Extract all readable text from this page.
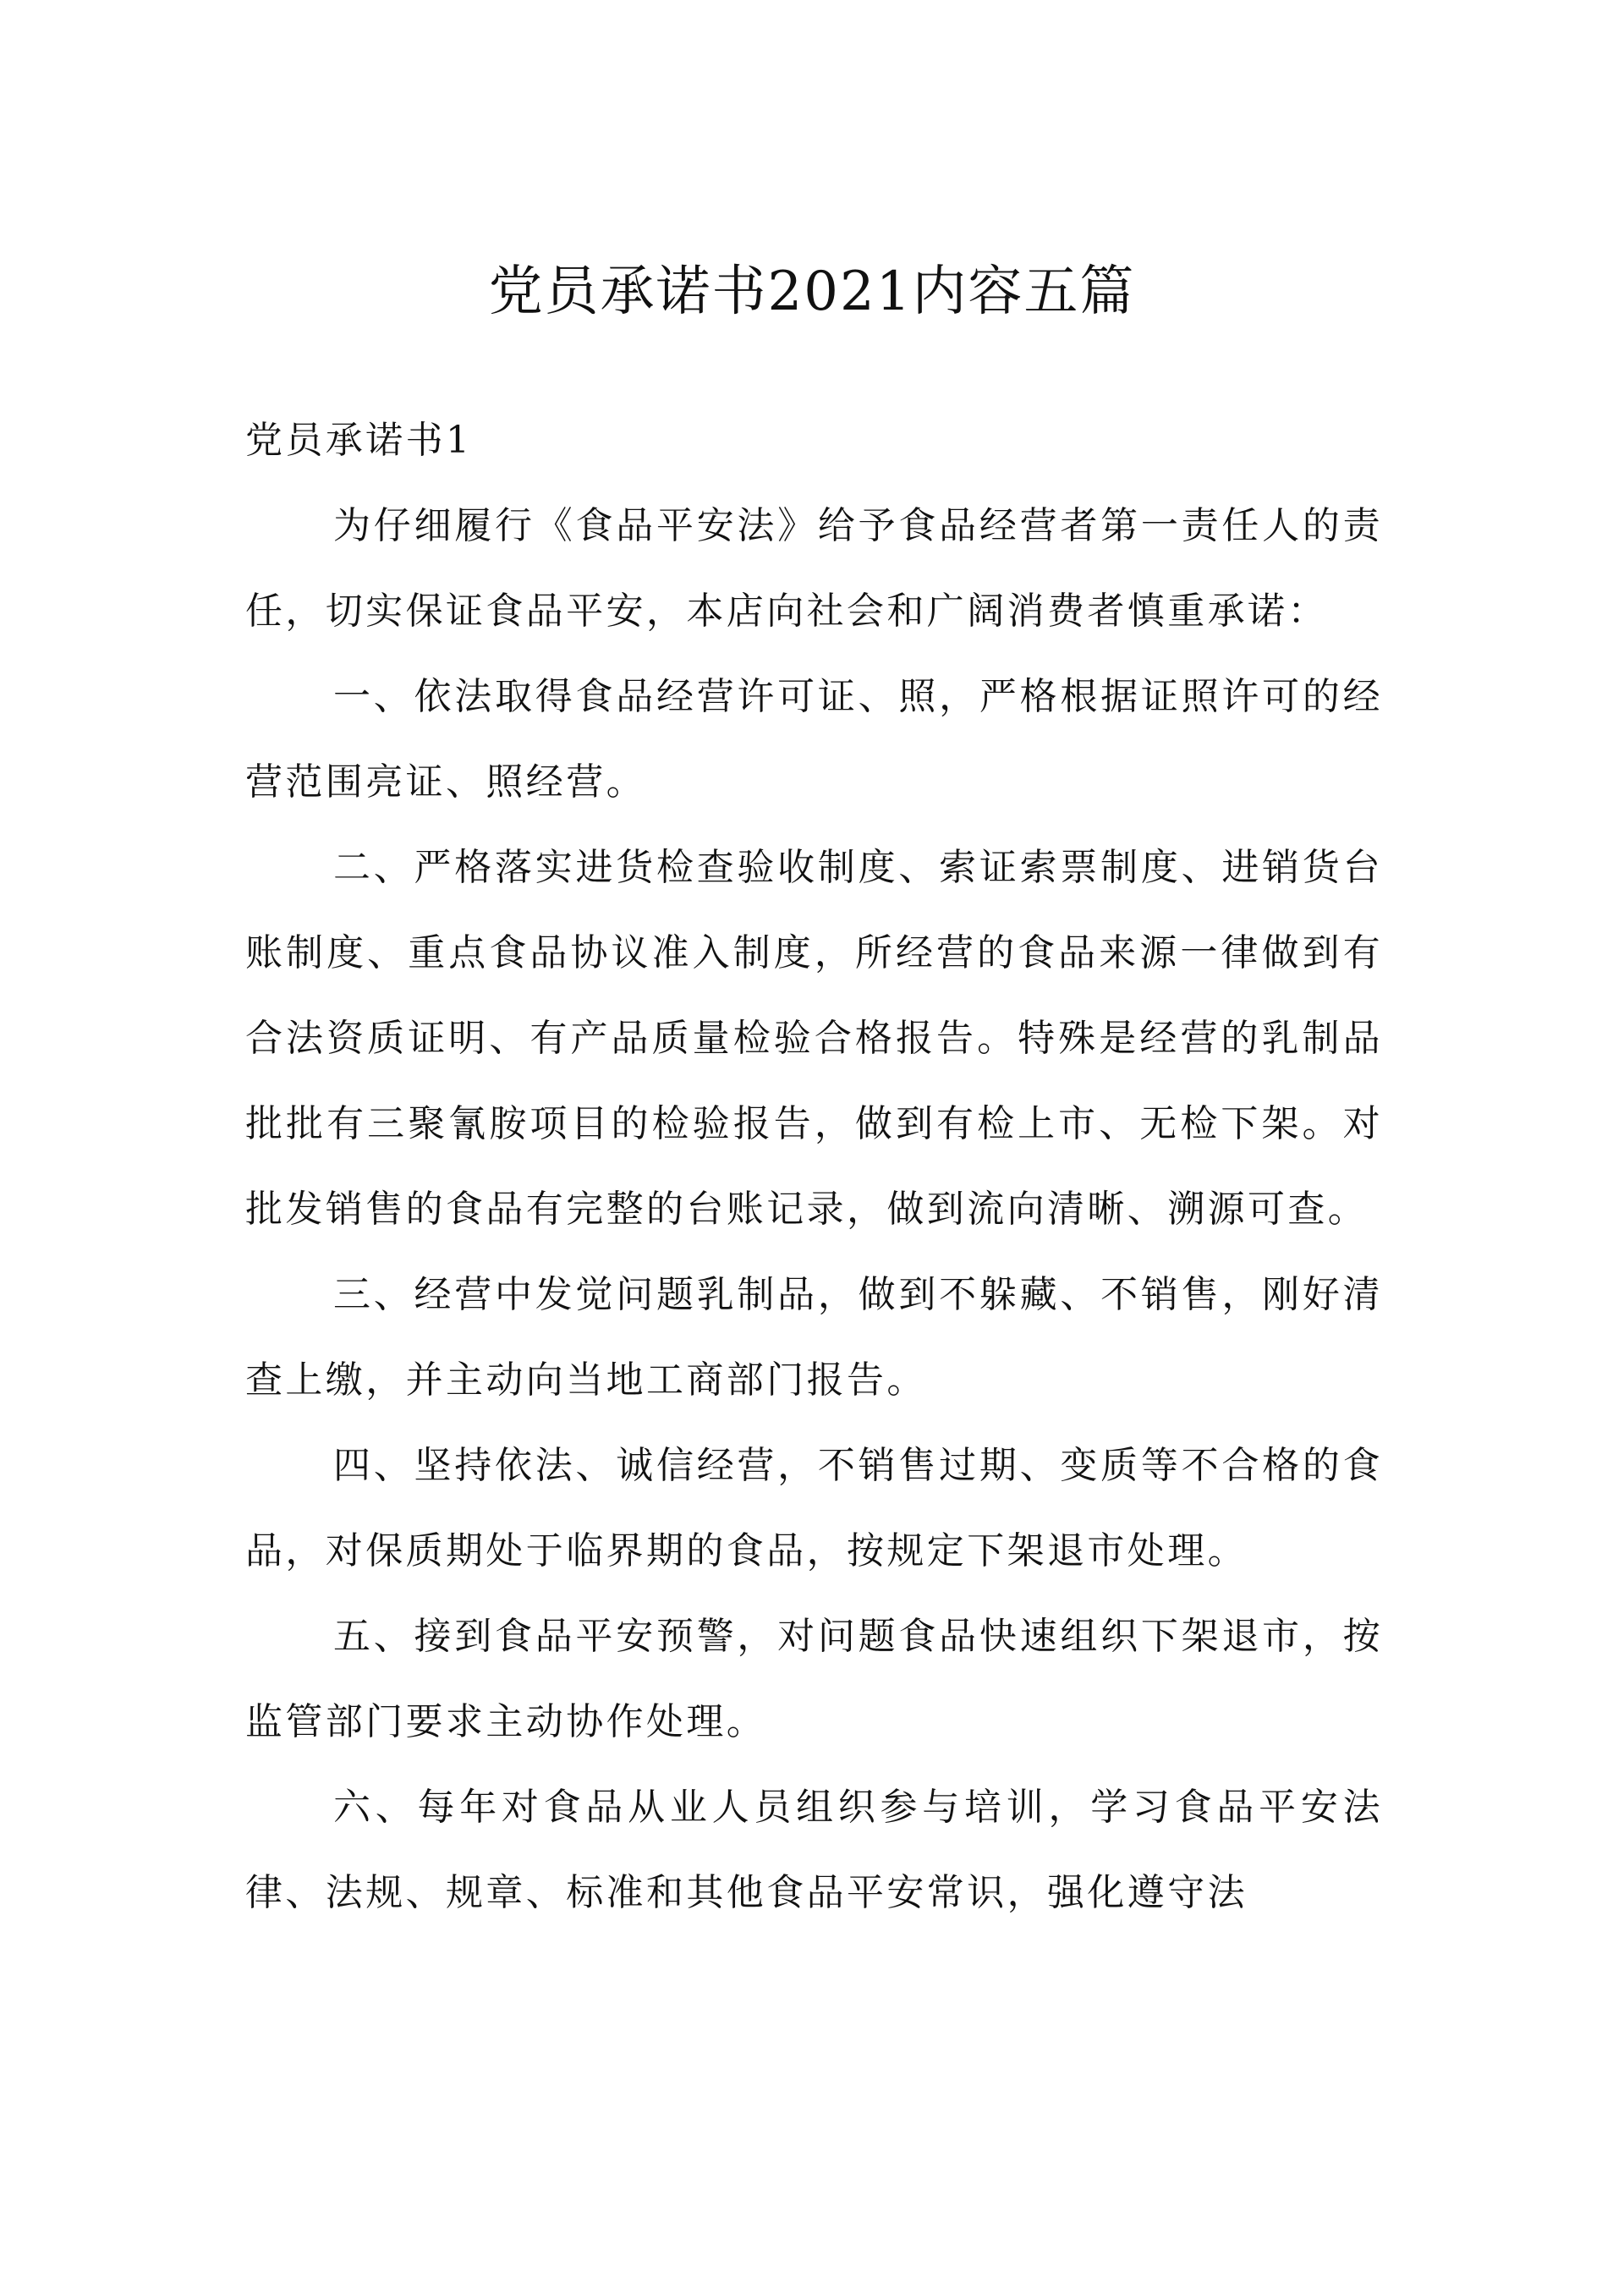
党员承诺书2021内容五篇

党员承诺书1

为仔细履行《食品平安法》给予食品经营者第一责任人的责任，切实保证食品平安，本店向社会和广阔消费者慎重承诺：

一、依法取得食品经营许可证、照，严格根据证照许可的经营范围亮证、照经营。

二、严格落实进货检查验收制度、索证索票制度、进销货台账制度、重点食品协议准入制度，所经营的食品来源一律做到有合法资质证明、有产品质量检验合格报告。特殊是经营的乳制品批批有三聚氰胺项目的检验报告，做到有检上市、无检下架。对批发销售的食品有完整的台账记录，做到流向清晰、溯源可查。

三、经营中发觉问题乳制品，做到不躲藏、不销售，刚好清查上缴，并主动向当地工商部门报告。

四、坚持依法、诚信经营，不销售过期、变质等不合格的食品，对保质期处于临界期的食品，按规定下架退市处理。

五、接到食品平安预警，对问题食品快速组织下架退市，按监管部门要求主动协作处理。

六、每年对食品从业人员组织参与培训，学习食品平安法律、法规、规章、标准和其他食品平安常识，强化遵守法
